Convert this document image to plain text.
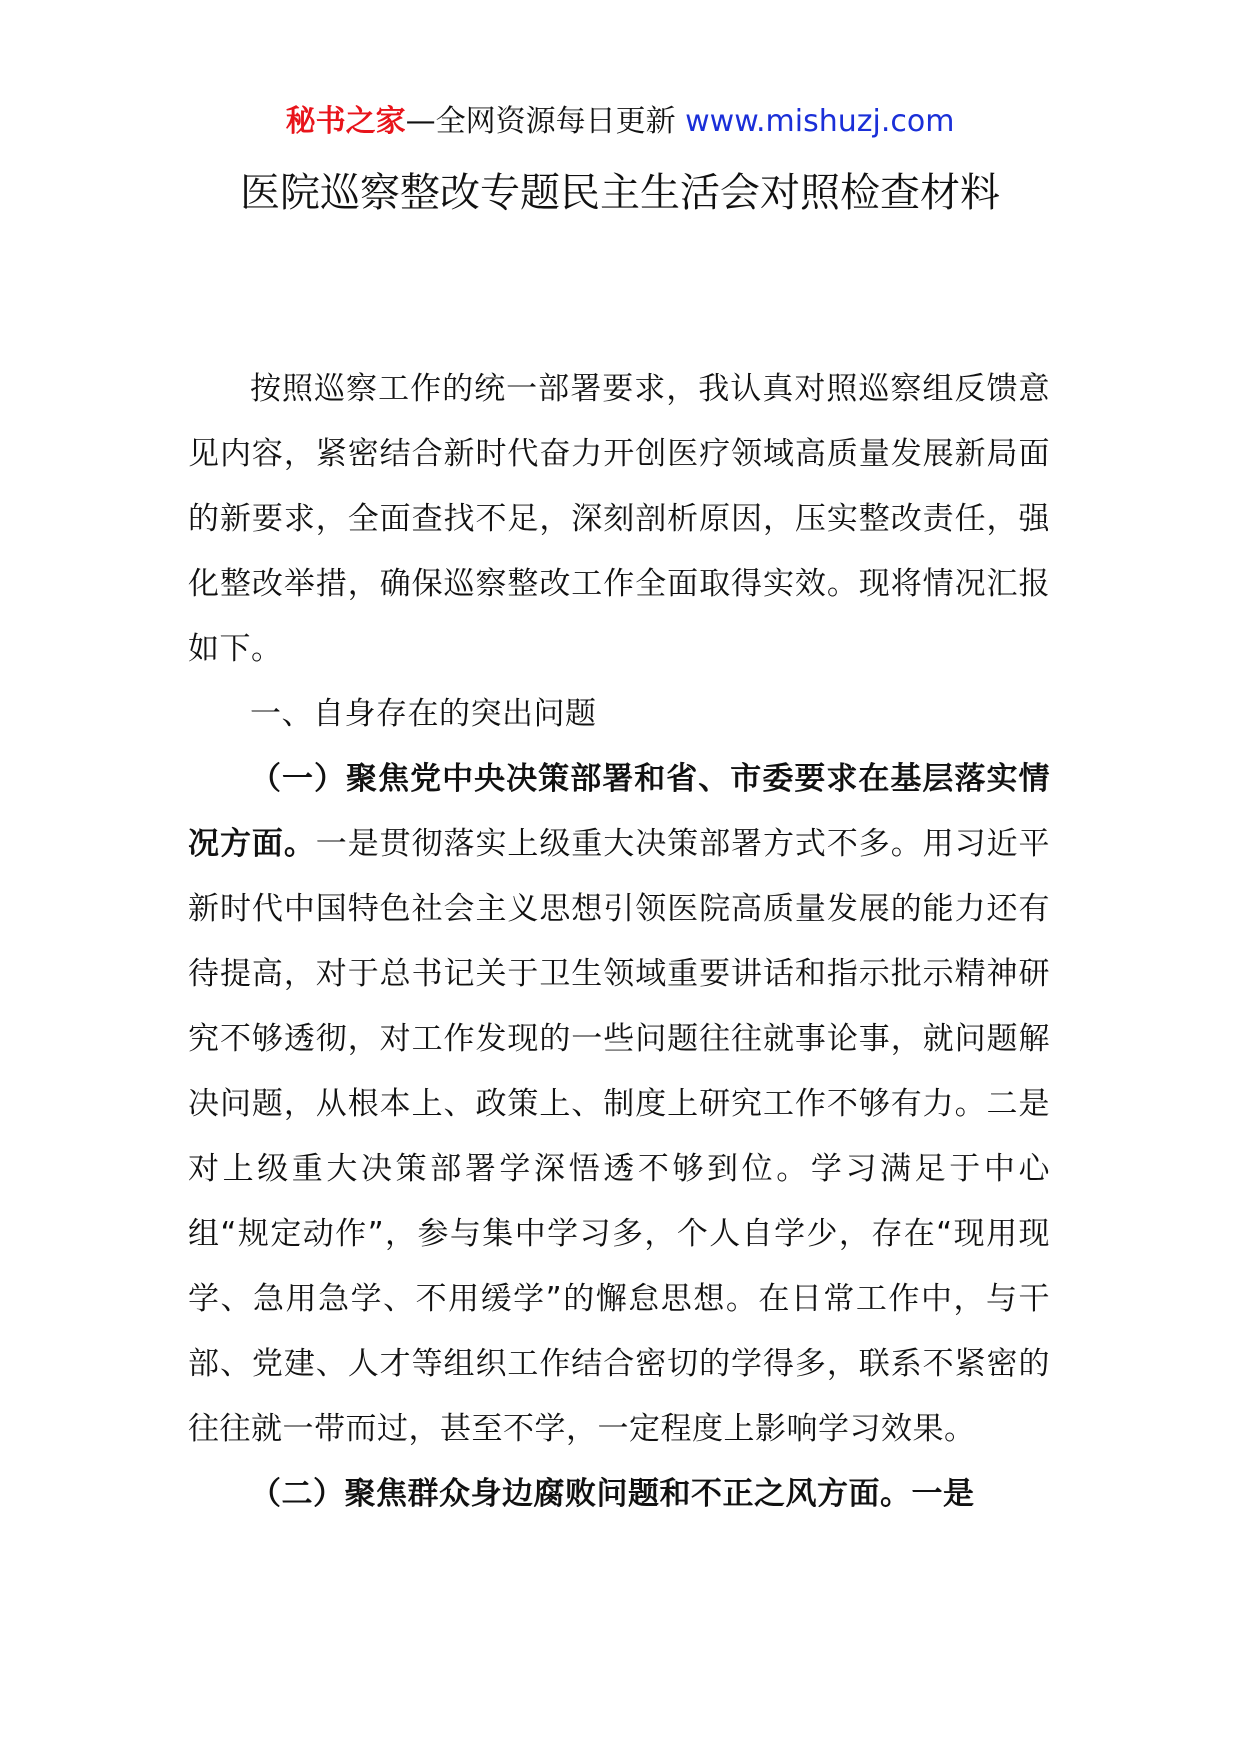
秘书之家—全网资源每日更新 www.mishuzj.com
医院巡察整改专题民主生活会对照检查材料

按照巡察工作的统一部署要求，我认真对照巡察组反馈意见内容，紧密结合新时代奋力开创医疗领域高质量发展新局面的新要求，全面查找不足，深刻剖析原因，压实整改责任，强化整改举措，确保巡察整改工作全面取得实效。现将情况汇报如下。

一、自身存在的突出问题

（一）聚焦党中央决策部署和省、市委要求在基层落实情况方面。一是贯彻落实上级重大决策部署方式不多。用习近平新时代中国特色社会主义思想引领医院高质量发展的能力还有待提高，对于总书记关于卫生领域重要讲话和指示批示精神研究不够透彻，对工作发现的一些问题往往就事论事，就问题解决问题，从根本上、政策上、制度上研究工作不够有力。二是对上级重大决策部署学深悟透不够到位。学习满足于中心组“规定动作”，参与集中学习多，个人自学少，存在“现用现学、急用急学、不用缓学”的懈怠思想。在日常工作中，与干部、党建、人才等组织工作结合密切的学得多，联系不紧密的往往就一带而过，甚至不学，一定程度上影响学习效果。

（二）聚焦群众身边腐败问题和不正之风方面。一是
